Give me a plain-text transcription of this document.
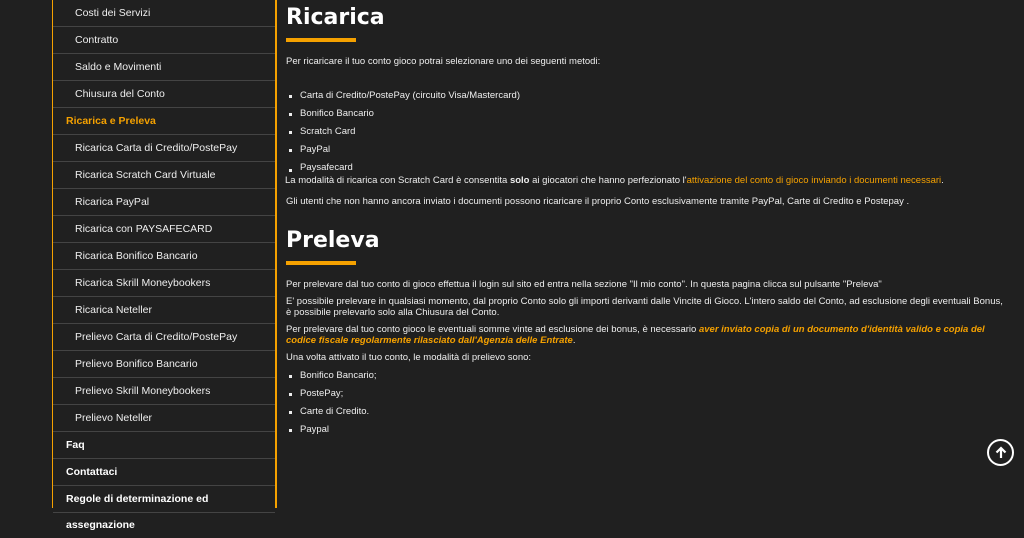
Costi dei Servizi
Contratto
Saldo e Movimenti
Chiusura del Conto
Ricarica e Preleva
Ricarica Carta di Credito/PostePay
Ricarica Scratch Card Virtuale
Ricarica PayPal
Ricarica con PAYSAFECARD
Ricarica Bonifico Bancario
Ricarica Skrill Moneybookers
Ricarica Neteller
Prelievo Carta di Credito/PostePay
Prelievo Bonifico Bancario
Prelievo Skrill Moneybookers
Prelievo Neteller
Faq
Contattaci
Regole di determinazione ed assegnazione
Ricarica

Per ricaricare il tuo conto gioco potrai selezionare uno dei seguenti metodi:

Carta di Credito/PostePay (circuito Visa/Mastercard)
Bonifico Bancario
Scratch Card
PayPal
Paysafecard

La modalità di ricarica con Scratch Card è consentita solo ai giocatori che hanno perfezionato l'attivazione del conto di gioco inviando i documenti necessari.

Gli utenti che non hanno ancora inviato i documenti possono ricaricare il proprio Conto esclusivamente tramite PayPal, Carte di Credito e Postepay .

Preleva

Per prelevare dal tuo conto di gioco effettua il login sul sito ed entra nella sezione "Il mio conto". In questa pagina clicca sul pulsante "Preleva"

E' possibile prelevare in qualsiasi momento, dal proprio Conto solo gli importi derivanti dalle Vincite di Gioco. L'intero saldo del Conto, ad esclusione degli eventuali Bonus, è possibile prelevarlo solo alla Chiusura del Conto.

Per prelevare dal tuo conto gioco le eventuali somme vinte ad esclusione dei bonus, è necessario aver inviato copia di un documento d'identità valido e copia del codice fiscale regolarmente rilasciato dall'Agenzia delle Entrate.

Una volta attivato il tuo conto, le modalità di prelievo sono:

Bonifico Bancario;
PostePay;
Carte di Credito.
Paypal
